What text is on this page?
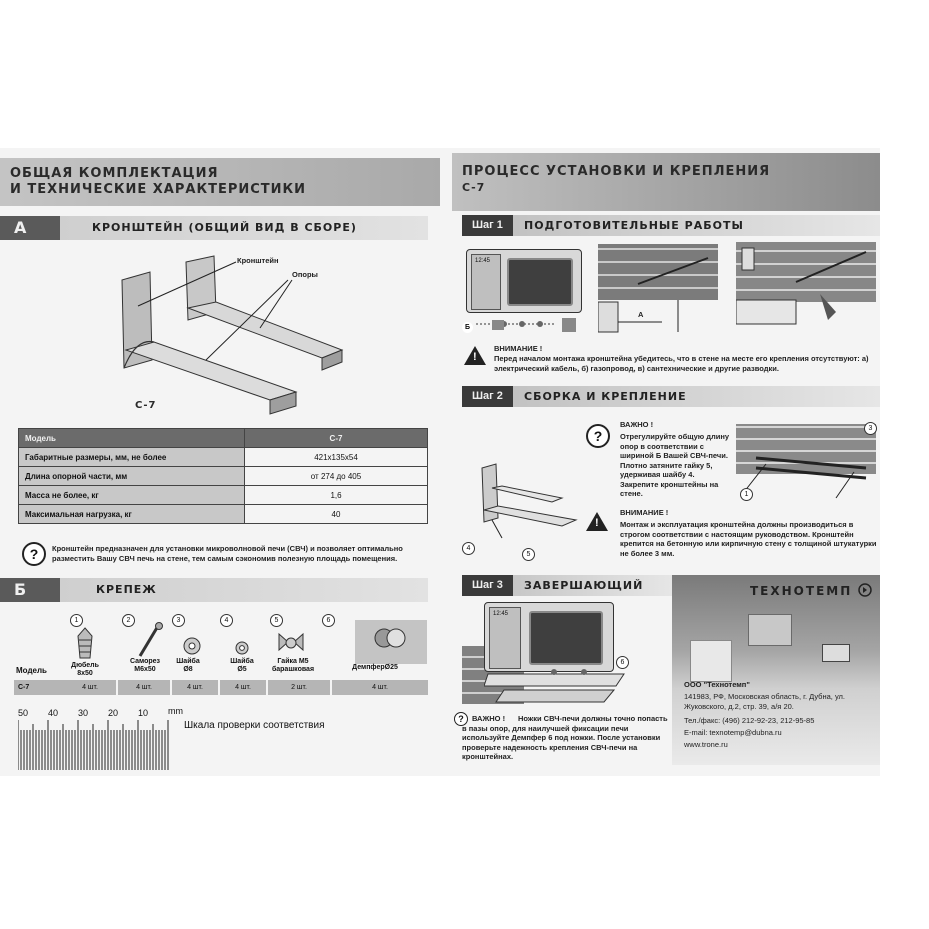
ОБЩАЯ КОМПЛЕКТАЦИЯ
И ТЕХНИЧЕСКИЕ ХАРАКТЕРИСТИКИ
ПРОЦЕСС УСТАНОВКИ И КРЕПЛЕНИЯ
С-7
А	КРОНШТЕЙН (ОБЩИЙ ВИД В СБОРЕ)
Кронштейн
Опоры
С-7
Модель	С-7
Габаритные размеры, мм, не более	421x135x54
Длина опорной части, мм	от 274 до 405
Масса не более, кг	1,6
Максимальная нагрузка, кг	40
?	Кронштейн предназначен для установки микроволновой печи (СВЧ) и позволяет оптимально разместить Вашу СВЧ печь на стене, тем самым сэкономив полезную площадь помещения.
Б	КРЕПЕЖ
1
Дюбель
8x50
2
Саморез
M6x50
3
Шайба
Ø8
4
Шайба
Ø5
5
Гайка М5
барашковая
6
ДемпферØ25
Модель
С-7	4 шт.	4 шт.	4 шт.	4 шт.	2 шт.	4 шт.
50 40 30 20 10 mm
Шкала проверки соответствия
Шаг 1	ПОДГОТОВИТЕЛЬНЫЕ РАБОТЫ
12:45
Б
А
!
ВНИМАНИЕ !
Перед началом монтажа кронштейна убедитесь, что в стене на месте его крепления отсутствуют: а) электрический кабель, б) газопровод, в) сантехнические и другие разводки.
Шаг 2	СБОРКА И КРЕПЛЕНИЕ
?
ВАЖНО !
Отрегулируйте общую длину опор в соответствии с шириной Б Вашей СВЧ-печи. Плотно затяните гайку 5, удерживая шайбу 4. Закрепите кронштейны на стене.	1
3
4
5
!
ВНИМАНИЕ !
Монтаж и эксплуатация кронштейна должны производиться в строгом соответствии с настоящим руководством. Кронштейн крепится на бетонную или кирпичную стену с толщиной штукатурки не более 3 мм.
Шаг 3	ЗАВЕРШАЮЩИЙ
12:45
6
?	ВАЖНО !	Ножки СВЧ-печи должны точно попасть в пазы опор, для наилучшей фиксации печи используйте Демпфер 6 под ножки. После установки проверьте надежность крепления СВЧ-печи на кронштейнах.
ТЕХНОТЕМП
ООО "Технотемп"
141983, РФ, Московская область, г. Дубна, ул. Жуковского, д.2, стр. 39, а/я 20.
Тел./факс: (496) 212-92-23, 212-95-85
E-mail: texnotemp@dubna.ru
www.trone.ru
